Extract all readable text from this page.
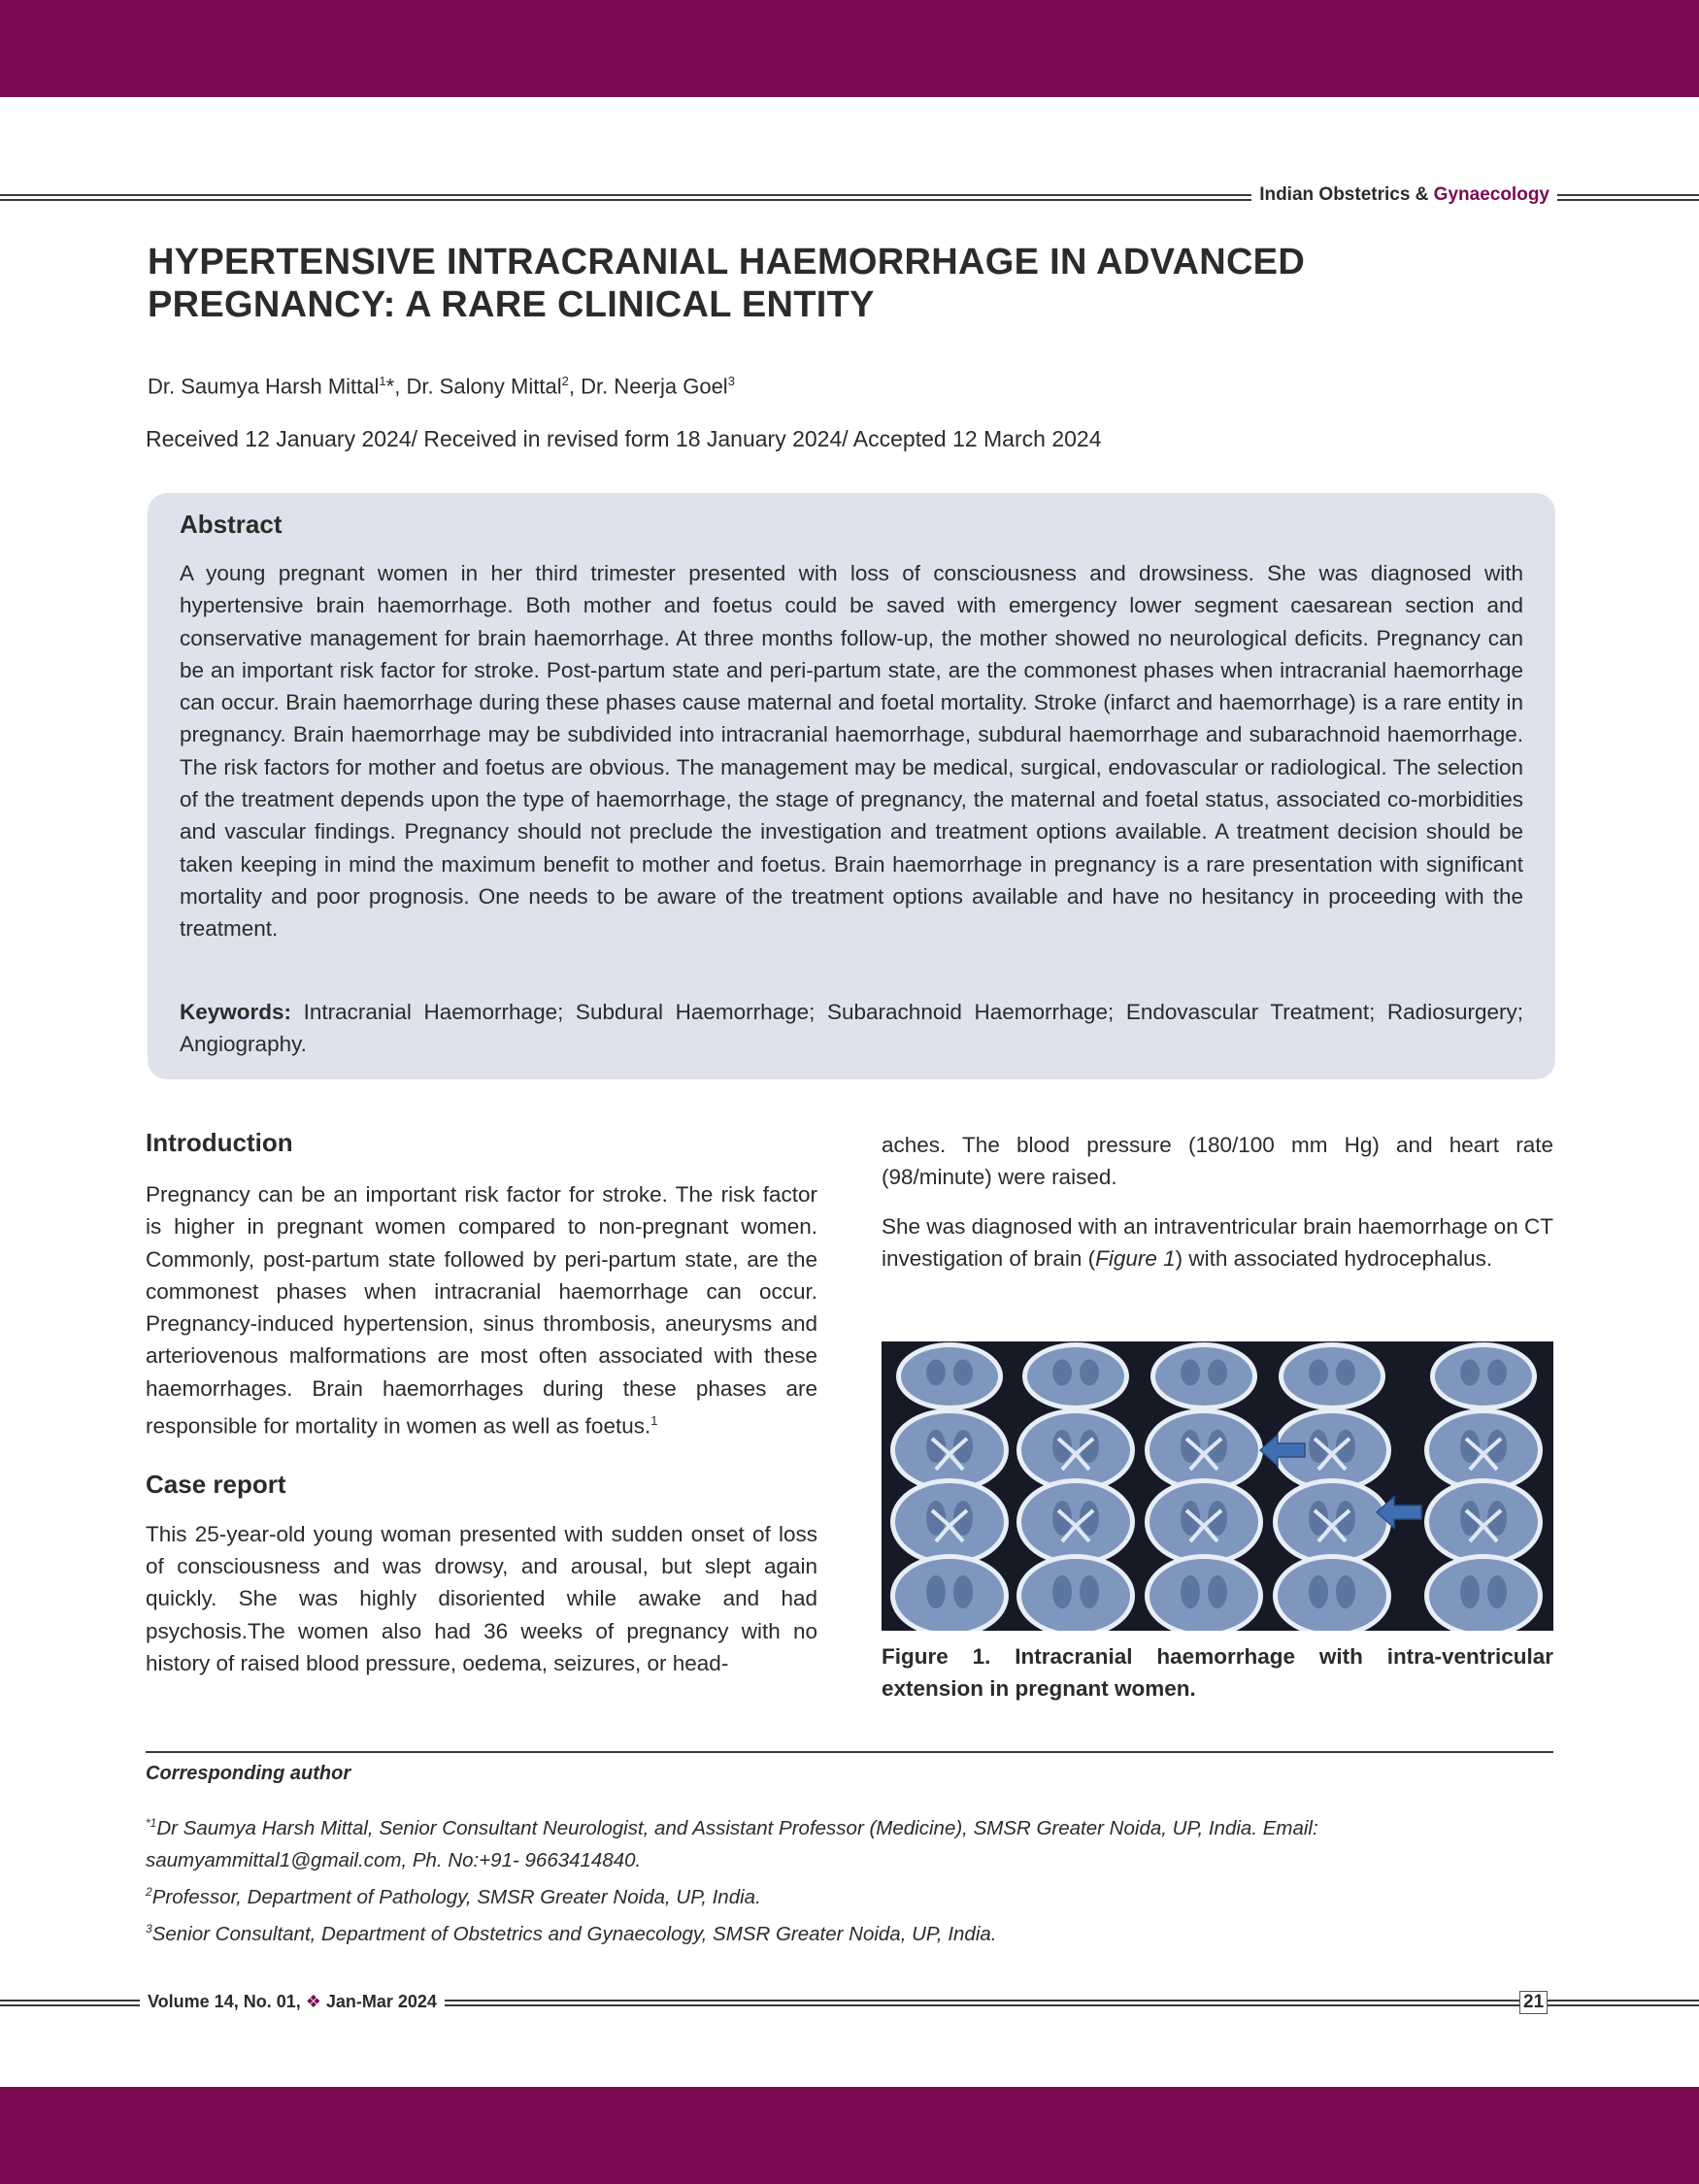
Indian Obstetrics & Gynaecology
HYPERTENSIVE INTRACRANIAL HAEMORRHAGE IN ADVANCED PREGNANCY: A RARE CLINICAL ENTITY
Dr. Saumya Harsh Mittal$^1$*, Dr. Salony Mittal$^2$, Dr. Neerja Goel$^3$
Received 12 January 2024/ Received in revised form 18 January 2024/ Accepted 12 March 2024
Abstract

A young pregnant women in her third trimester presented with loss of consciousness and drowsiness. She was diagnosed with hypertensive brain haemorrhage. Both mother and foetus could be saved with emergency lower segment caesarean section and conservative management for brain haemorrhage. At three months follow-up, the mother showed no neurological deficits. Pregnancy can be an important risk factor for stroke. Post-partum state and peri-partum state, are the commonest phases when intracranial haemorrhage can occur. Brain haemorrhage during these phases cause maternal and foetal mortality. Stroke (infarct and haemorrhage) is a rare entity in pregnancy. Brain haemorrhage may be subdivided into intracranial haemorrhage, subdural haemorrhage and subarachnoid haemorrhage. The risk factors for mother and foetus are obvious. The management may be medical, surgical, endovascular or radiological. The selection of the treatment depends upon the type of haemorrhage, the stage of pregnancy, the maternal and foetal status, associated co-morbidities and vascular findings. Pregnancy should not preclude the investigation and treatment options available. A treatment decision should be taken keeping in mind the maximum benefit to mother and foetus. Brain haemorrhage in pregnancy is a rare presentation with significant mortality and poor prognosis. One needs to be aware of the treatment options available and have no hesitancy in proceeding with the treatment.

Keywords: Intracranial Haemorrhage; Subdural Haemorrhage; Subarachnoid Haemorrhage; Endovascular Treatment; Radiosurgery; Angiography.

Introduction

Pregnancy can be an important risk factor for stroke. The risk factor is higher in pregnant women compared to non-pregnant women. Commonly, post-partum state followed by peri-partum state, are the commonest phases when intracranial haemorrhage can occur. Pregnancy-induced hypertension, sinus thrombosis, aneurysms and arteriovenous malformations are most often associated with these haemorrhages. Brain haemorrhages during these phases are responsible for mortality in women as well as foetus.$^1$

Case report

This 25-year-old young woman presented with sudden onset of loss of consciousness and was drowsy, and arousal, but slept again quickly. She was highly disoriented while awake and had psychosis.The women also had 36 weeks of pregnancy with no history of raised blood pressure, oedema, seizures, or head-

aches. The blood pressure (180/100 mm Hg) and heart rate (98/minute) were raised.

She was diagnosed with an intraventricular brain haemorrhage on CT investigation of brain (Figure 1) with associated hydrocephalus.

Figure 1. Intracranial haemorrhage with intra-ventricular extension in pregnant women.

Corresponding author

$^{*1}$Dr Saumya Harsh Mittal, Senior Consultant Neurologist, and Assistant Professor (Medicine), SMSR Greater Noida, UP, India. Email: saumyammittal1@gmail.com, Ph. No:+91- 9663414840.

$^2$Professor, Department of Pathology, SMSR Greater Noida, UP, India.

$^3$Senior Consultant, Department of Obstetrics and Gynaecology, SMSR Greater Noida, UP, India.

Volume 14, No. 01, ❖ Jan-Mar 2024	21
